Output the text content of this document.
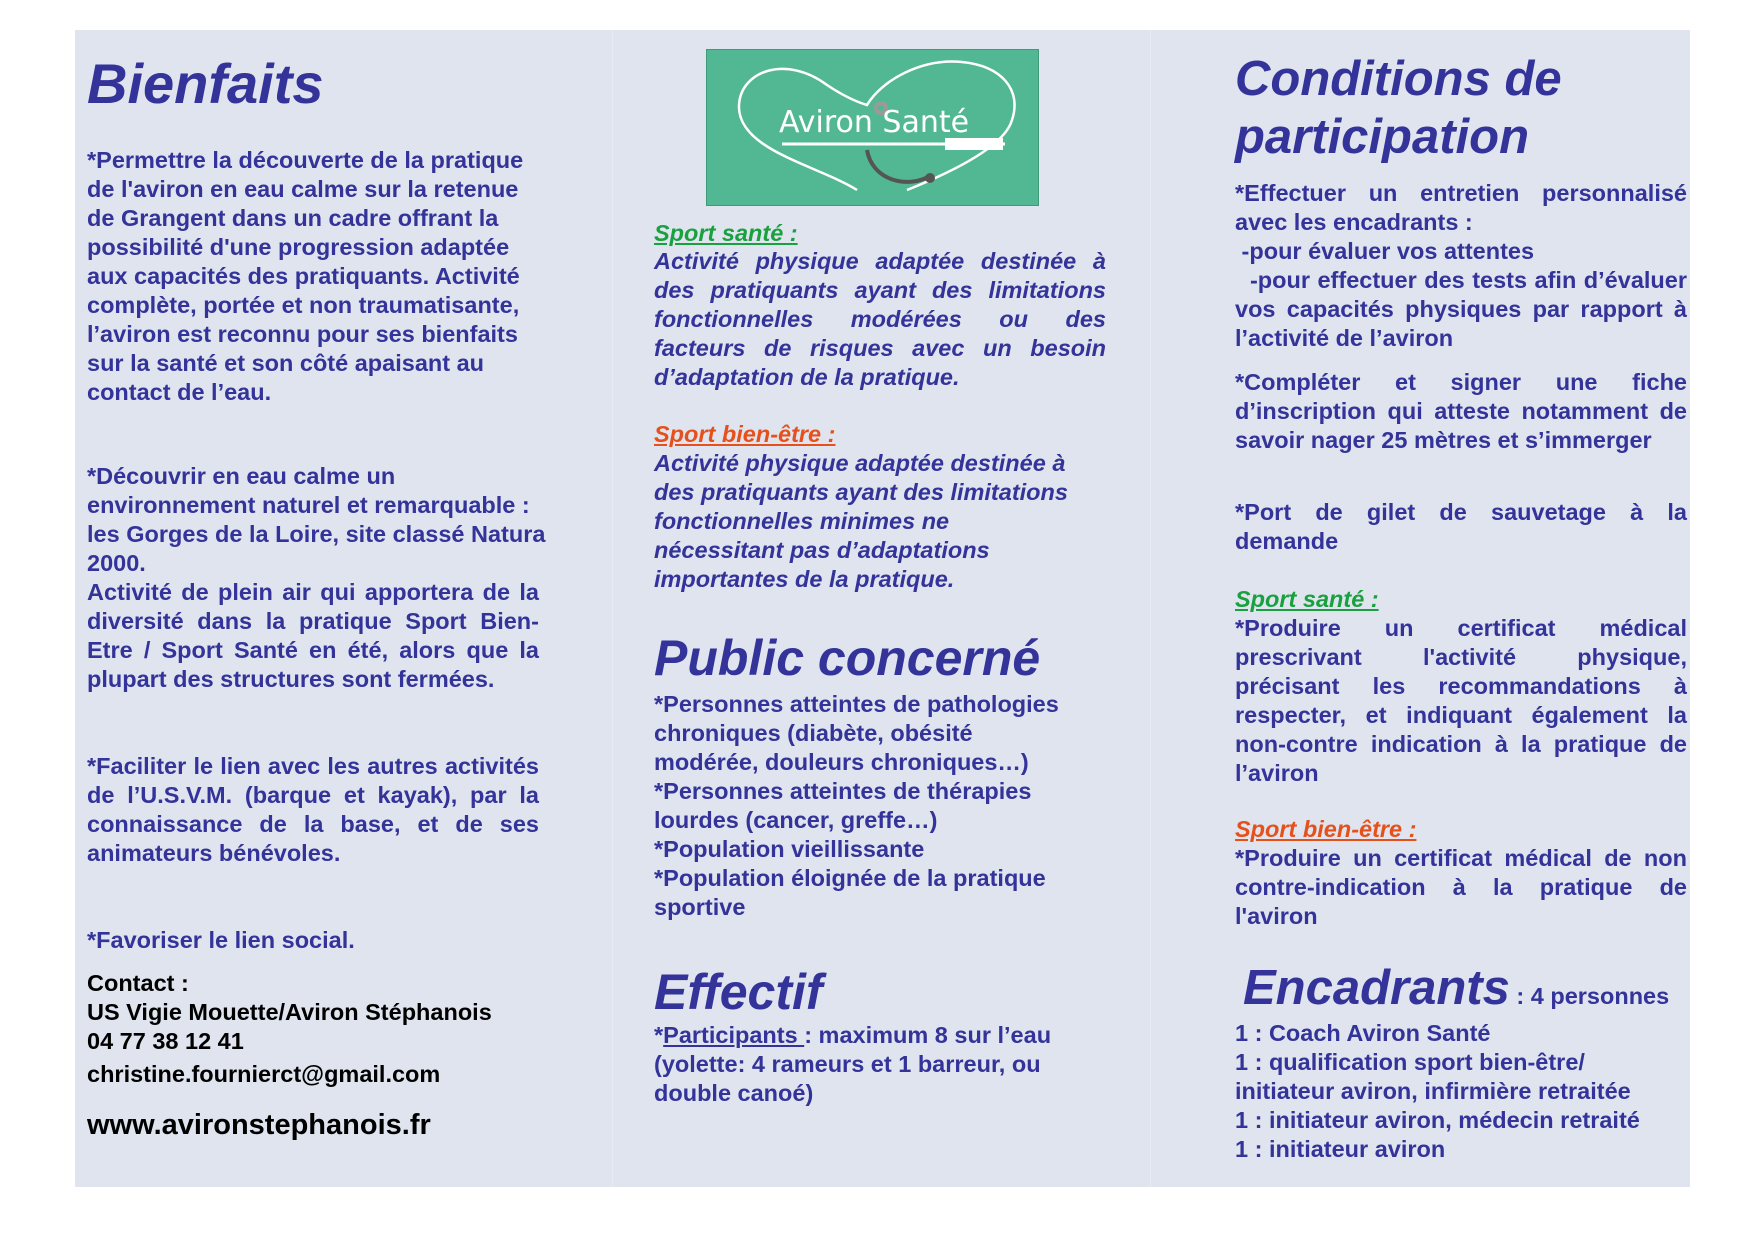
Bienfaits

*Permettre la découverte de la pratique de l'aviron en eau calme sur la retenue de Grangent dans un cadre offrant la possibilité d'une progression adaptée aux capacités des pratiquants. Activité complète, portée et non traumatisante, l’aviron est reconnu pour ses bienfaits sur la santé et son côté apaisant au contact de l’eau.

*Découvrir en eau calme un environnement naturel et remarquable : les Gorges de la Loire, site classé Natura 2000.

Activité de plein air qui apportera de la diversité dans la pratique Sport Bien-Etre / Sport Santé en été, alors que la plupart des structures sont fermées.

*Faciliter le lien avec les autres activités de l’U.S.V.M. (barque et kayak), par la connaissance de la base, et de ses animateurs bénévoles.

*Favoriser le lien social.

Contact :

US Vigie Mouette/Aviron Stéphanois

04 77 38 12 41

christine.fournierct@gmail.com

www.avironstephanois.fr

Aviron Santé

Sport santé :

Activité physique adaptée destinée à des pratiquants ayant des limitations fonctionnelles modérées ou des facteurs de risques avec un besoin d’adaptation de la pratique.

Sport bien-être :

Activité physique adaptée destinée à

des pratiquants ayant des limitations

fonctionnelles minimes ne

nécessitant pas d’adaptations

importantes de la pratique.

Public concerné

*Personnes atteintes de pathologies

chroniques (diabète, obésité

modérée, douleurs chroniques…)

*Personnes atteintes de thérapies

lourdes (cancer, greffe…)

*Population vieillissante

*Population éloignée de la pratique

sportive

Effectif

*Participants : maximum 8 sur l’eau

(yolette: 4 rameurs et 1 barreur, ou

double canoé)

Conditions de
participation

*Effectuer un entretien personnalisé avec les encadrants :

-pour évaluer vos attentes

-pour effectuer des tests afin d’évaluer  vos capacités physiques par rapport à l’activité de l’aviron

*Compléter et signer une fiche d’inscription qui atteste notamment de savoir nager 25 mètres et s’immerger

*Port de gilet de sauvetage à la demande

Sport santé :

*Produire un certificat médical prescrivant l'activité physique, précisant les recommandations à respecter, et indiquant également la non-contre indication à la pratique de l’aviron

Sport bien-être :

*Produire un certificat médical de non contre-indication à la pratique de l'aviron

Encadrants : 4 personnes

1 : Coach Aviron Santé

1 : qualification sport bien-être/

initiateur aviron, infirmière retraitée

1 : initiateur aviron, médecin retraité

1 : initiateur aviron
